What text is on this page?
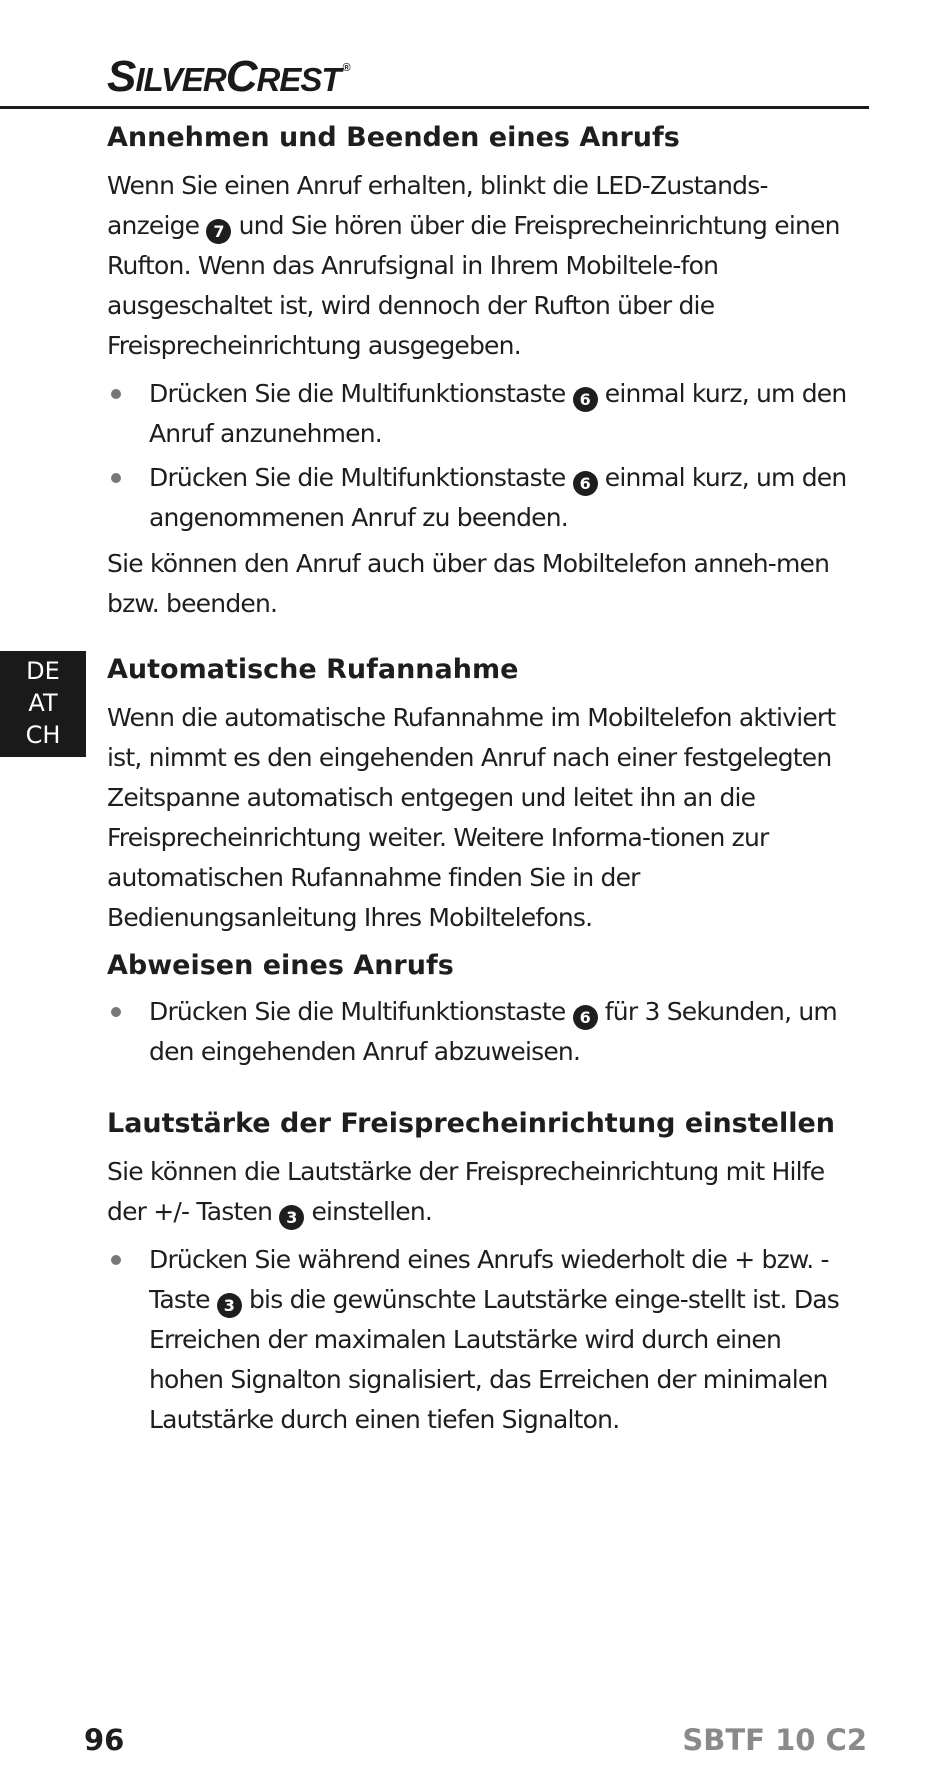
SILVERCREST ®
DE
AT
CH
Annehmen und Beenden eines Anrufs

Wenn Sie einen Anruf erhalten, blinkt die LED-Zustands-anzeige 7 und Sie hören über die Freisprecheinrichtung einen Rufton. Wenn das Anrufsignal in Ihrem Mobiltele-fon ausgeschaltet ist, wird dennoch der Rufton über die Freisprecheinrichtung ausgegeben.

Drücken Sie die Multifunktionstaste 6 einmal kurz, um den Anruf anzunehmen.
Drücken Sie die Multifunktionstaste 6 einmal kurz, um den angenommenen Anruf zu beenden.

Sie können den Anruf auch über das Mobiltelefon anneh-men bzw. beenden.

Automatische Rufannahme

Wenn die automatische Rufannahme im Mobiltelefon aktiviert ist, nimmt es den eingehenden Anruf nach einer festgelegten Zeitspanne automatisch entgegen und leitet ihn an die Freisprecheinrichtung weiter. Weitere Informa-tionen zur automatischen Rufannahme finden Sie in der Bedienungsanleitung Ihres Mobiltelefons.

Abweisen eines Anrufs
Drücken Sie die Multifunktionstaste 6 für 3 Sekunden, um den eingehenden Anruf abzuweisen.
Lautstärke der Freisprecheinrichtung einstellen

Sie können die Lautstärke der Freisprecheinrichtung mit Hilfe der +/- Tasten 3 einstellen.

Drücken Sie während eines Anrufs wiederholt die + bzw. - Taste 3 bis die gewünschte Lautstärke einge-stellt ist. Das Erreichen der maximalen Lautstärke wird durch einen hohen Signalton signalisiert, das Erreichen der minimalen Lautstärke durch einen tiefen Signalton.
96	SBTF 10 C2
